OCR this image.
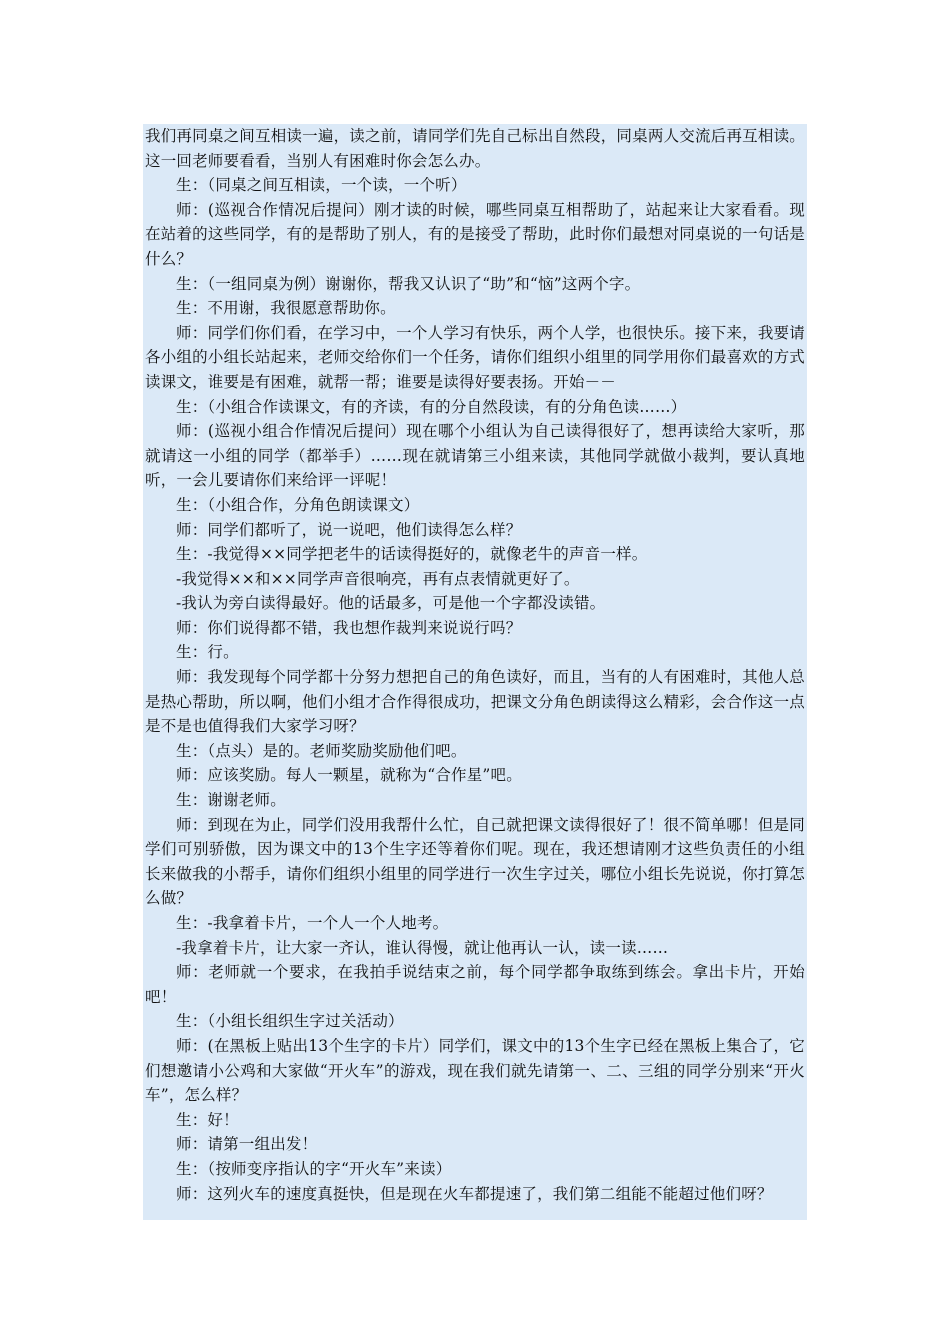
我们再同桌之间互相读一遍，读之前，请同学们先自己标出自然段，同桌两人交流后再互相读。这一回老师要看看，当别人有困难时你会怎么办。

生：（同桌之间互相读，一个读，一个听）

师：(巡视合作情况后提问）刚才读的时候，哪些同桌互相帮助了，站起来让大家看看。现在站着的这些同学，有的是帮助了别人，有的是接受了帮助，此时你们最想对同桌说的一句话是什么？

生：（一组同桌为例）谢谢你，帮我又认识了“助”和“恼”这两个字。

生：不用谢，我很愿意帮助你。

师：同学们你们看，在学习中，一个人学习有快乐，两个人学，也很快乐。接下来，我要请各小组的小组长站起来，老师交给你们一个任务，请你们组织小组里的同学用你们最喜欢的方式读课文，谁要是有困难，就帮一帮；谁要是读得好要表扬。开始－－

生：（小组合作读课文，有的齐读，有的分自然段读，有的分角色读……）

师：(巡视小组合作情况后提问）现在哪个小组认为自己读得很好了，想再读给大家听，那就请这一小组的同学（都举手）……现在就请第三小组来读，其他同学就做小裁判，要认真地听，一会儿要请你们来给评一评呢！

生：（小组合作，分角色朗读课文）

师：同学们都听了，说一说吧，他们读得怎么样？

生：-我觉得××同学把老牛的话读得挺好的，就像老牛的声音一样。

-我觉得××和××同学声音很响亮，再有点表情就更好了。

-我认为旁白读得最好。他的话最多，可是他一个字都没读错。

师：你们说得都不错，我也想作裁判来说说行吗？

生：行。

师：我发现每个同学都十分努力想把自己的角色读好，而且，当有的人有困难时，其他人总是热心帮助，所以啊，他们小组才合作得很成功，把课文分角色朗读得这么精彩，会合作这一点是不是也值得我们大家学习呀？

生：（点头）是的。老师奖励奖励他们吧。

师：应该奖励。每人一颗星，就称为“合作星”吧。

生：谢谢老师。

师：到现在为止，同学们没用我帮什么忙，自己就把课文读得很好了！很不简单哪！但是同学们可别骄傲，因为课文中的13个生字还等着你们呢。现在，我还想请刚才这些负责任的小组长来做我的小帮手，请你们组织小组里的同学进行一次生字过关，哪位小组长先说说，你打算怎么做？

生：-我拿着卡片，一个人一个人地考。

-我拿着卡片，让大家一齐认，谁认得慢，就让他再认一认，读一读……

师：老师就一个要求，在我拍手说结束之前，每个同学都争取练到练会。拿出卡片，开始吧！

生：（小组长组织生字过关活动）

师：(在黑板上贴出13个生字的卡片）同学们，课文中的13个生字已经在黑板上集合了，它们想邀请小公鸡和大家做“开火车”的游戏，现在我们就先请第一、二、三组的同学分别来“开火车”，怎么样？

生：好！

师：请第一组出发！

生：（按师变序指认的字“开火车”来读）

师：这列火车的速度真挺快，但是现在火车都提速了，我们第二组能不能超过他们呀？
